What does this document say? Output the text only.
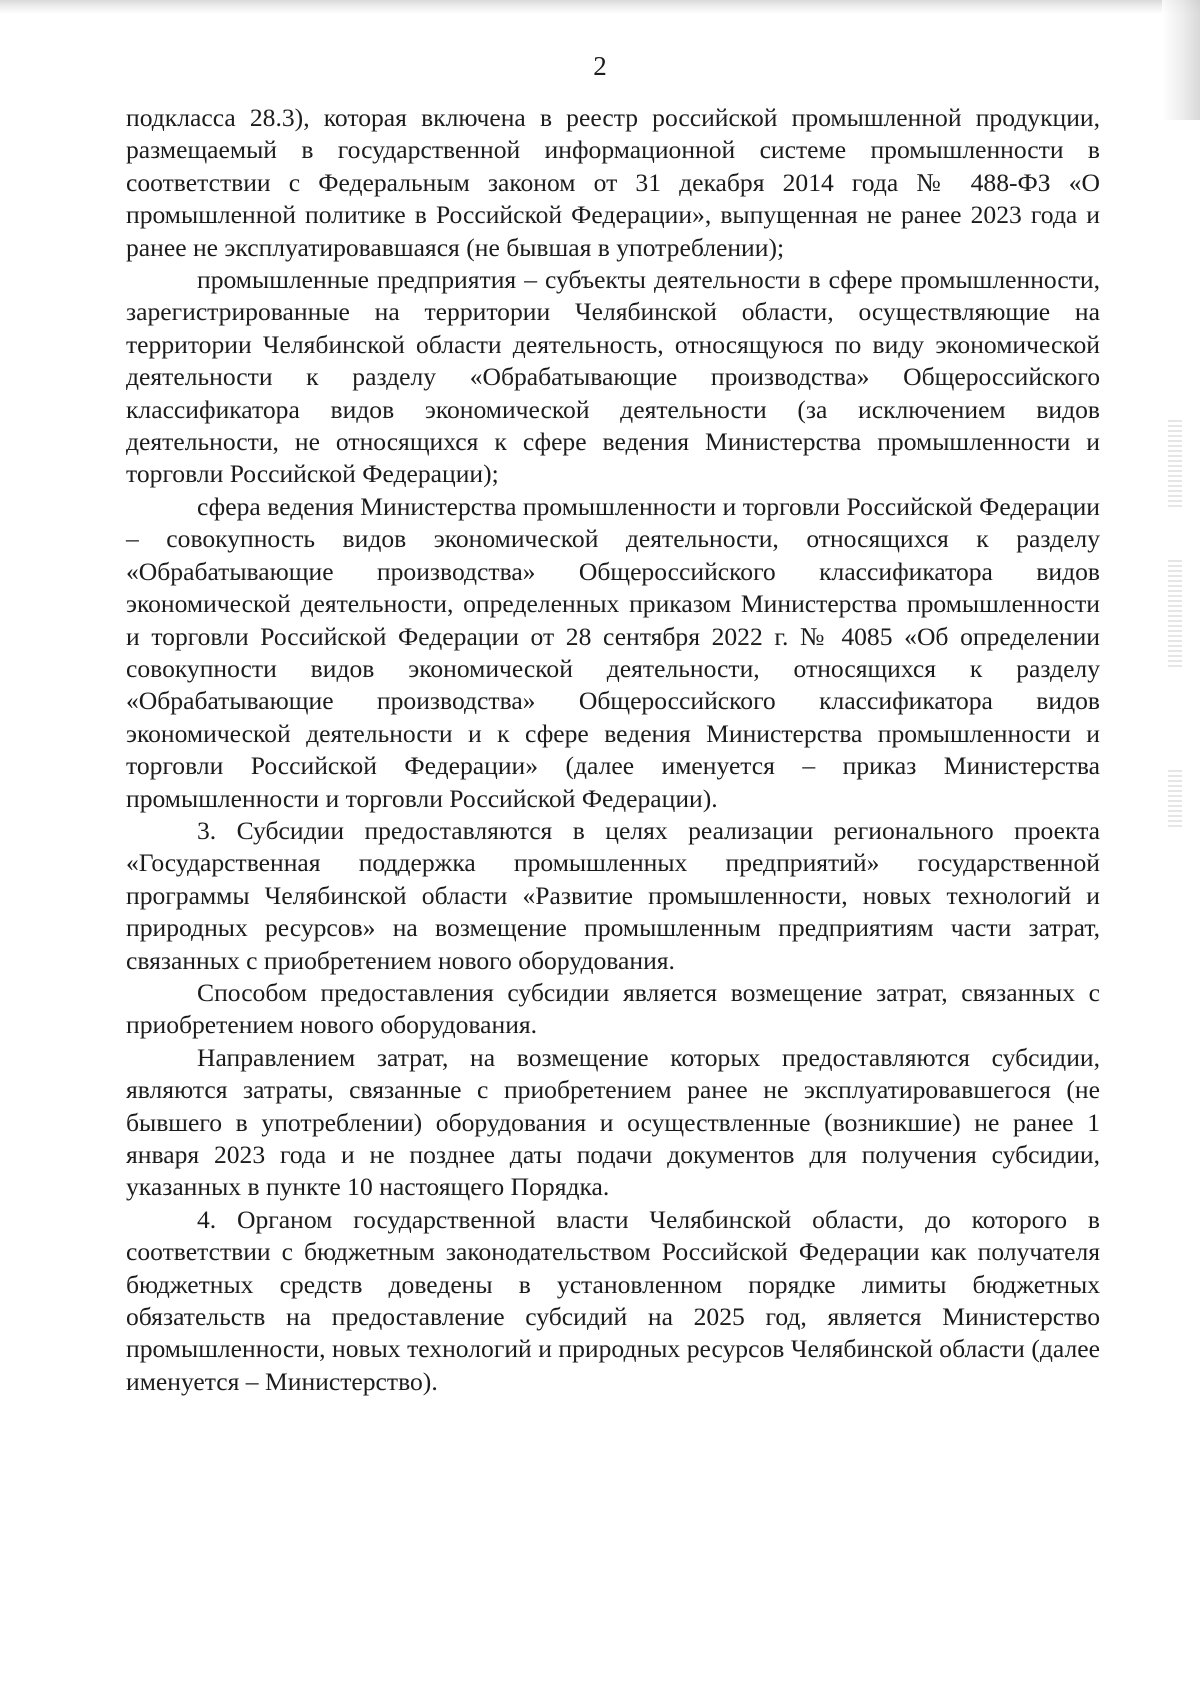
2

подкласса 28.3), которая включена в реестр российской промышленной продукции, размещаемый в государственной информационной системе промышленности в соответствии с Федеральным законом от 31 декабря 2014 года № 488-ФЗ «О промышленной политике в Российской Федерации», выпущенная не ранее 2023 года и ранее не эксплуатировавшаяся (не бывшая в употреблении);

промышленные предприятия – субъекты деятельности в сфере промышленности, зарегистрированные на территории Челябинской области, осуществляющие на территории Челябинской области деятельность, относящуюся по виду экономической деятельности к разделу «Обрабатывающие производства» Общероссийского классификатора видов экономической деятельности (за исключением видов деятельности, не относящихся к сфере ведения Министерства промышленности и торговли Российской Федерации);

сфера ведения Министерства промышленности и торговли Российской Федерации – совокупность видов экономической деятельности, относящихся к разделу «Обрабатывающие производства» Общероссийского классификатора видов экономической деятельности, определенных приказом Министерства промышленности и торговли Российской Федерации от 28 сентября 2022 г. № 4085 «Об определении совокупности видов экономической деятельности, относящихся к разделу «Обрабатывающие производства» Общероссийского классификатора видов экономической деятельности и к сфере ведения Министерства промышленности и торговли Российской Федерации» (далее именуется – приказ Министерства промышленности и торговли Российской Федерации).

3. Субсидии предоставляются в целях реализации регионального проекта «Государственная поддержка промышленных предприятий» государственной программы Челябинской области «Развитие промышленности, новых технологий и природных ресурсов» на возмещение промышленным предприятиям части затрат, связанных с приобретением нового оборудования.

Способом предоставления субсидии является возмещение затрат, связанных с приобретением нового оборудования.

Направлением затрат, на возмещение которых предоставляются субсидии, являются затраты, связанные с приобретением ранее не эксплуатировавшегося (не бывшего в употреблении) оборудования и осуществленные (возникшие) не ранее 1 января 2023 года и не позднее даты подачи документов для получения субсидии, указанных в пункте 10 настоящего Порядка.

4. Органом государственной власти Челябинской области, до которого в соответствии с бюджетным законодательством Российской Федерации как получателя бюджетных средств доведены в установленном порядке лимиты бюджетных обязательств на предоставление субсидий на 2025 год, является Министерство промышленности, новых технологий и природных ресурсов Челябинской области (далее именуется – Министерство).
